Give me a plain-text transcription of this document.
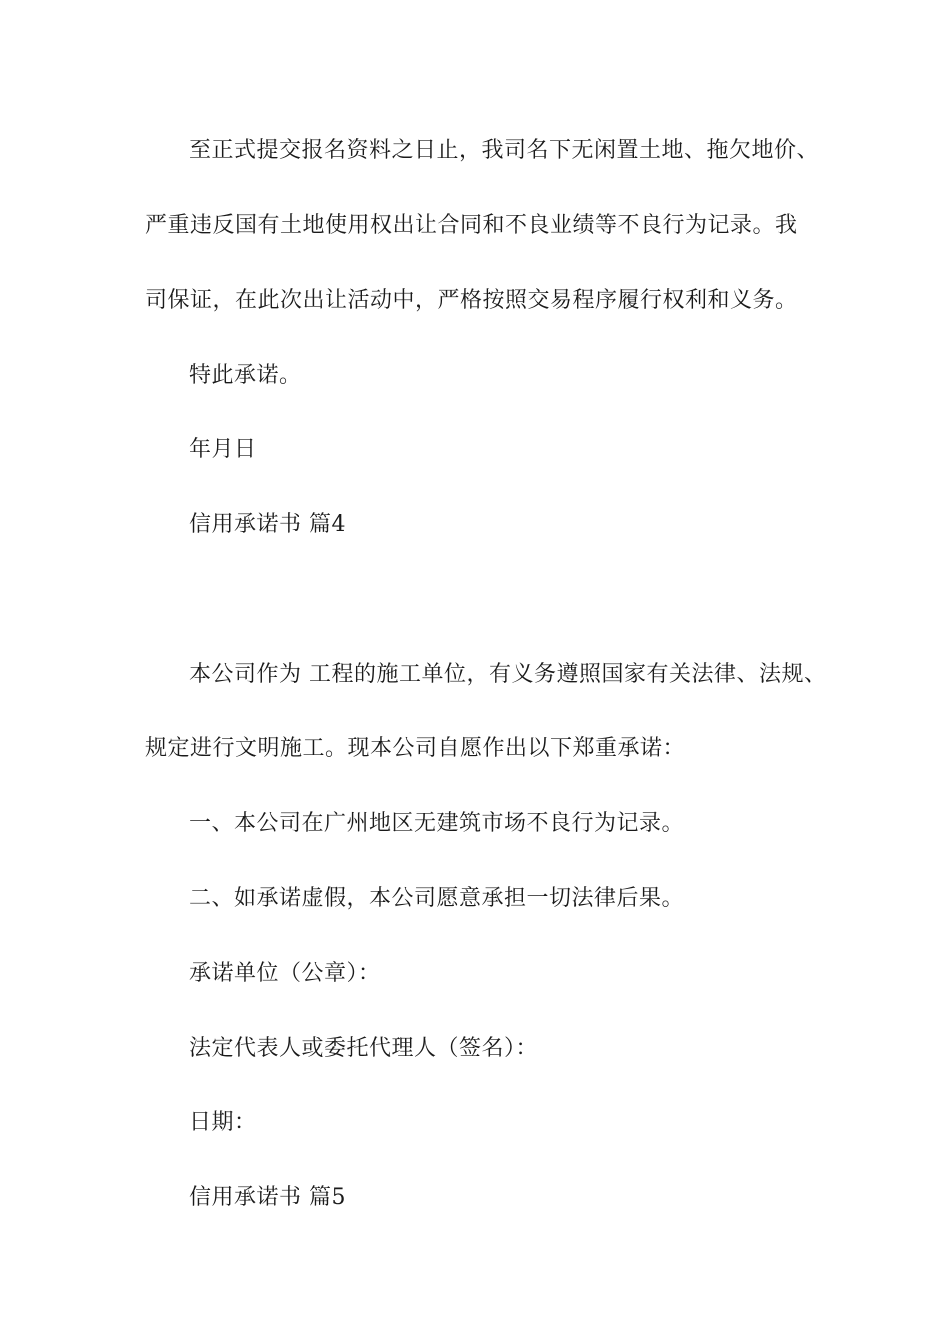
至正式提交报名资料之日止，我司名下无闲置土地、拖欠地价、
严重违反国有土地使用权出让合同和不良业绩等不良行为记录。我
司保证，在此次出让活动中，严格按照交易程序履行权利和义务。
特此承诺。
年月日
信用承诺书 篇4
本公司作为 工程的施工单位，有义务遵照国家有关法律、法规、
规定进行文明施工。现本公司自愿作出以下郑重承诺：
一、本公司在广州地区无建筑市场不良行为记录。
二、如承诺虚假，本公司愿意承担一切法律后果。
承诺单位（公章）：
法定代表人或委托代理人（签名）：
日期：
信用承诺书 篇5
